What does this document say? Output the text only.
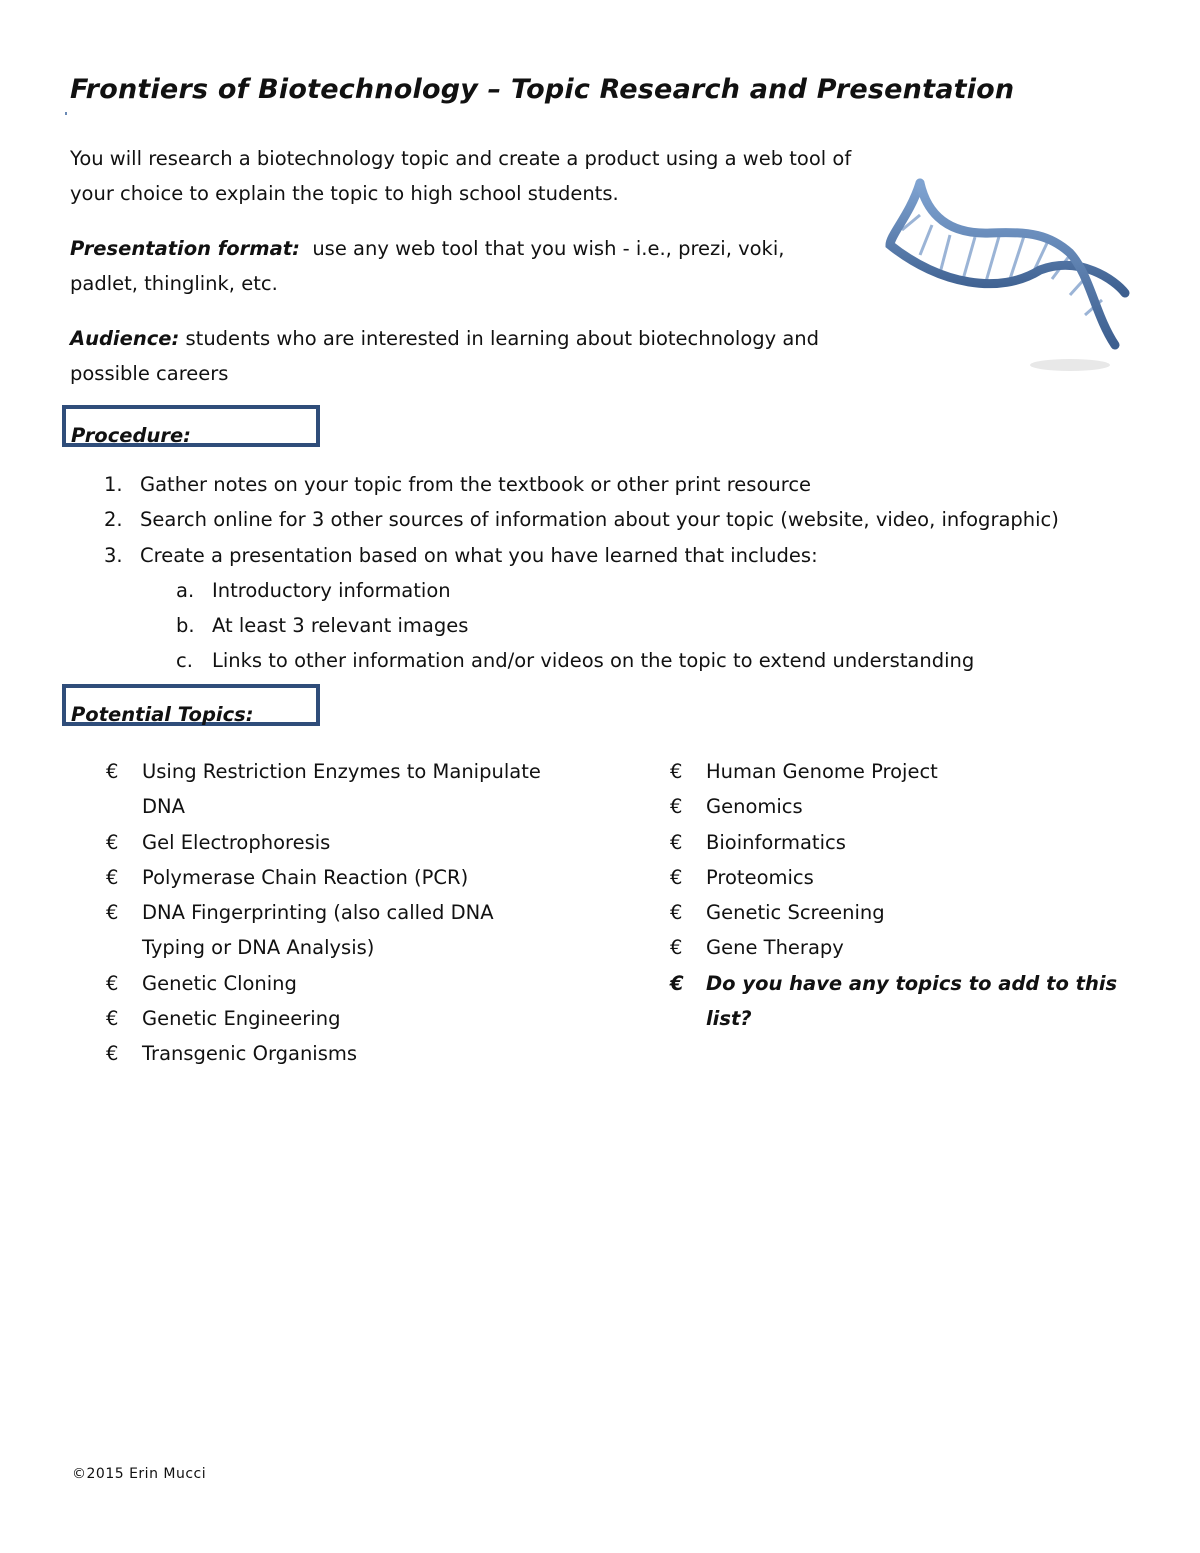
Frontiers of Biotechnology – Topic Research and Presentation
You will research a biotechnology topic and create a product using a web tool of your choice to explain the topic to high school students.
Presentation format: use any web tool that you wish - i.e., prezi, voki, padlet, thinglink, etc.
Audience: students who are interested in learning about biotechnology and possible careers
Procedure:
1. Gather notes on your topic from the textbook or other print resource
2. Search online for 3 other sources of information about your topic (website, video, infographic)
3. Create a presentation based on what you have learned that includes:
a. Introductory information
b. At least 3 relevant images
c. Links to other information and/or videos on the topic to extend understanding
Potential Topics:
€ Using Restriction Enzymes to Manipulate DNA
€ Gel Electrophoresis
€ Polymerase Chain Reaction (PCR)
€ DNA Fingerprinting (also called DNA Typing or DNA Analysis)
€ Genetic Cloning
€ Genetic Engineering
€ Transgenic Organisms
€ Human Genome Project
€ Genomics
€ Bioinformatics
€ Proteomics
€ Genetic Screening
€ Gene Therapy
€ Do you have any topics to add to this list?
©2015 Erin Mucci
